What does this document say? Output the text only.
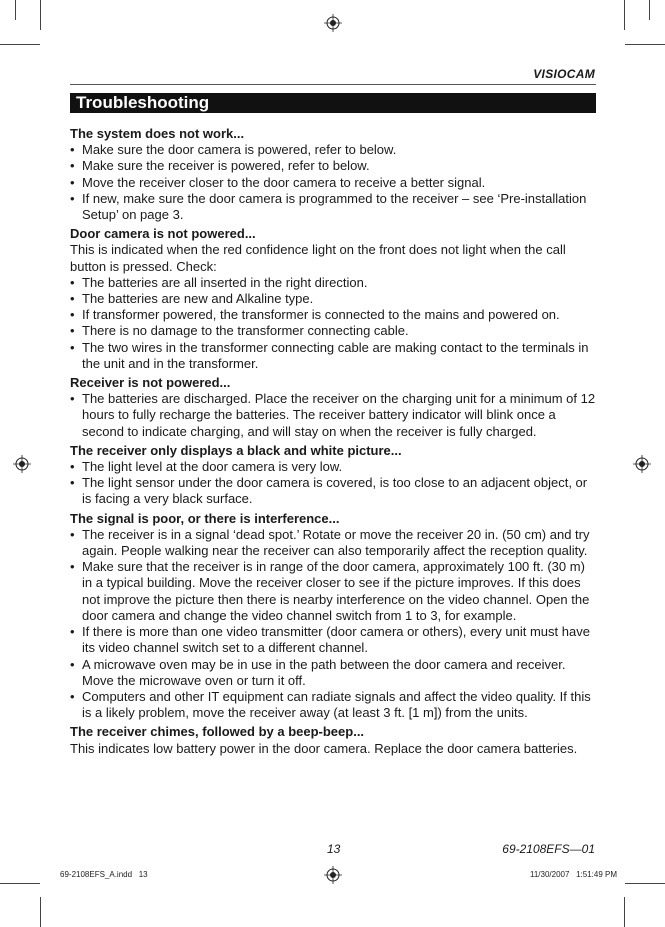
VISIOCAM
Troubleshooting
The system does not work...
• Make sure the door camera is powered, refer to below.
• Make sure the receiver is powered, refer to below.
• Move the receiver closer to the door camera to receive a better signal.
• If new, make sure the door camera is programmed to the receiver – see ‘Pre-installation Setup’ on page 3.
Door camera is not powered...
This is indicated when the red confidence light on the front does not light when the call button is pressed. Check:
• The batteries are all inserted in the right direction.
• The batteries are new and Alkaline type.
• If transformer powered, the transformer is connected to the mains and powered on.
• There is no damage to the transformer connecting cable.
• The two wires in the transformer connecting cable are making contact to the terminals in the unit and in the transformer.
Receiver is not powered...
• The batteries are discharged. Place the receiver on the charging unit for a minimum of 12 hours to fully recharge the batteries. The receiver battery indicator will blink once a second to indicate charging, and will stay on when the receiver is fully charged.
The receiver only displays a black and white picture...
• The light level at the door camera is very low.
• The light sensor under the door camera is covered, is too close to an adjacent object, or is facing a very black surface.
The signal is poor, or there is interference...
• The receiver is in a signal ‘dead spot.’ Rotate or move the receiver 20 in. (50 cm) and try again. People walking near the receiver can also temporarily affect the reception quality.
• Make sure that the receiver is in range of the door camera, approximately 100 ft. (30 m) in a typical building. Move the receiver closer to see if the picture improves. If this does not improve the picture then there is nearby interference on the video channel. Open the door camera and change the video channel switch from 1 to 3, for example.
• If there is more than one video transmitter (door camera or others), every unit must have its video channel switch set to a different channel.
• A microwave oven may be in use in the path between the door camera and receiver. Move the microwave oven or turn it off.
• Computers and other IT equipment can radiate signals and affect the video quality. If this is a likely problem, move the receiver away (at least 3 ft. [1 m]) from the units.
The receiver chimes, followed by a beep-beep...
This indicates low battery power in the door camera. Replace the door camera batteries.
13	69-2108EFS—01
69-2108EFS_A.indd   13	11/30/2007   1:51:49 PM
